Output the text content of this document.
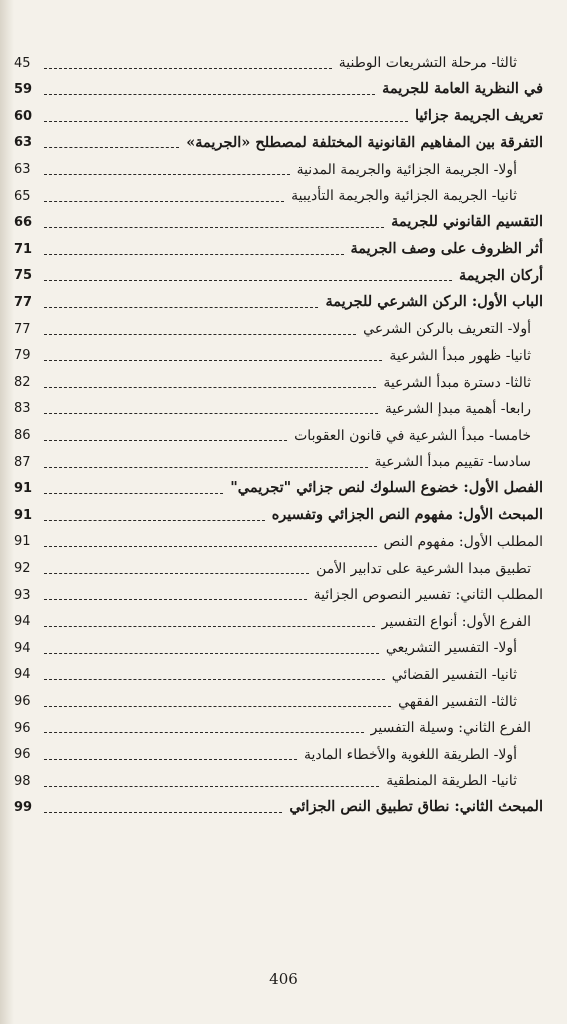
ثالثا- مرحلة التشريعات الوطنية
45
في النظرية العامة للجريمة
59
تعريف الجريمة جزائيا
60
التفرقة بين المفاهيم القانونية المختلفة لمصطلح «الجريمة»
63
أولا- الجريمة الجزائية والجريمة المدنية
63
ثانيا- الجريمة الجزائية والجريمة التأديبية
65
التقسيم القانوني للجريمة
66
أثر الظروف على وصف الجريمة
71
أركان الجريمة
75
الباب الأول: الركن الشرعي للجريمة
77
أولا- التعريف بالركن الشرعي
77
ثانيا- ظهور مبدأ الشرعية
79
ثالثا- دسترة مبدأ الشرعية
82
رابعا- أهمية مبدإ الشرعية
83
خامسا- مبدأ الشرعية في قانون العقوبات
86
سادسا- تقييم مبدأ الشرعية
87
الفصل الأول: خضوع السلوك لنص جزائي "تجريمي"
91
المبحث الأول: مفهوم النص الجزائي وتفسيره
91
المطلب الأول: مفهوم النص
91
تطبيق مبدا الشرعية على تدابير الأمن
92
المطلب الثاني: تفسير النصوص الجزائية
93
الفرع الأول: أنواع التفسير
94
أولا- التفسير التشريعي
94
ثانيا- التفسير القضائي
94
ثالثا- التفسير الفقهي
96
الفرع الثاني: وسيلة التفسير
96
أولا- الطريقة اللغوية والأخطاء المادية
96
ثانيا- الطريقة المنطقية
98
المبحث الثاني: نطاق تطبيق النص الجزائي
99
406
